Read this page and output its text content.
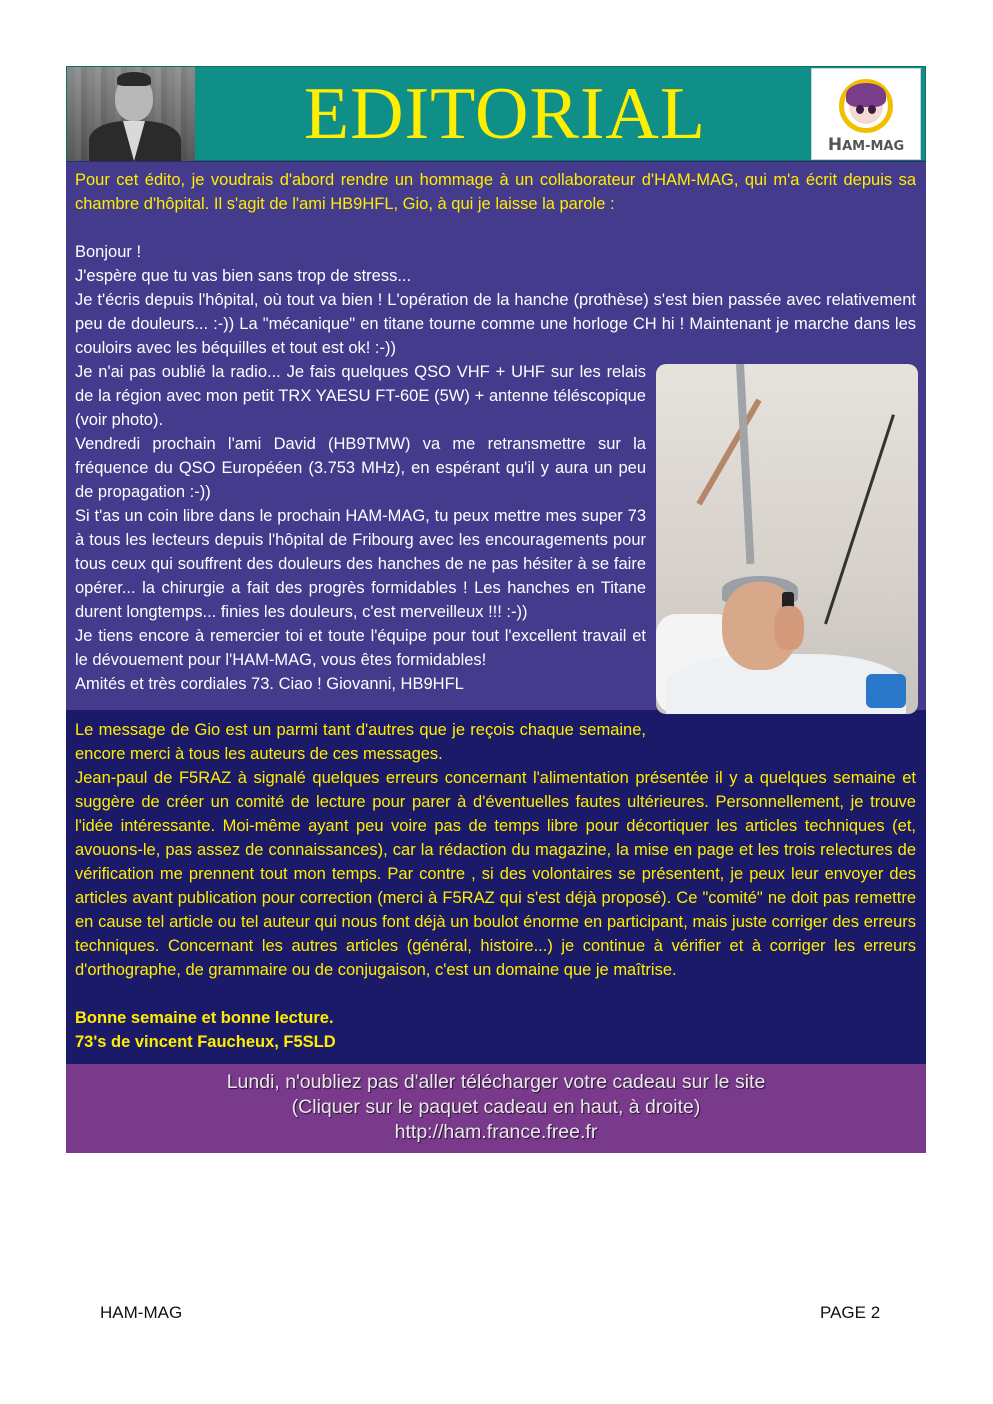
EDITORIAL	HAM-MAG

Pour cet édito, je voudrais d'abord rendre un hommage à un collaborateur d'HAM-MAG, qui m'a écrit depuis sa chambre d'hôpital. Il s'agit de l'ami HB9HFL, Gio, à qui je laisse la parole :

Bonjour !

J'espère que tu vas bien sans trop de stress...

Je t'écris depuis l'hôpital, où tout va bien ! L'opération de la hanche (prothèse) s'est bien passée avec relativement peu de douleurs... :-)) La "mécanique" en titane tourne comme une horloge CH hi ! Maintenant je marche dans les couloirs avec les béquilles et tout est ok! :-))

Je n'ai pas oublié la radio... Je fais quelques QSO VHF + UHF sur les relais de la région avec mon petit TRX YAESU FT-60E (5W) + antenne téléscopique (voir photo).

Vendredi prochain l'ami David (HB9TMW) va me retransmettre sur la fréquence du QSO Europééen (3.753 MHz), en espérant qu'il y aura un peu de propagation :-))

Si t'as un coin libre dans le prochain HAM-MAG, tu peux mettre mes super 73 à tous les lecteurs depuis l'hôpital de Fribourg avec les encouragements pour tous ceux qui souffrent des douleurs des hanches de ne pas hésiter à se faire opérer... la chirurgie a fait des progrès formidables ! Les hanches en Titane durent longtemps... finies les douleurs, c'est merveilleux !!! :-))

Je tiens encore à remercier toi et toute l'équipe pour tout l'excellent travail et le dévouement pour l'HAM-MAG, vous êtes formidables!

Amités et très cordiales 73. Ciao ! Giovanni, HB9HFL

Le message de Gio est un parmi tant d'autres que je reçois chaque semaine, encore merci à tous les auteurs de ces messages.

Jean-paul de F5RAZ à signalé quelques erreurs concernant l'alimentation présentée il y a quelques semaine et suggère de créer un comité de lecture pour parer à d'éventuelles fautes ultérieures. Personnellement, je trouve l'idée intéressante. Moi-même ayant peu voire pas de temps libre pour décortiquer les articles techniques (et, avouons-le, pas assez de connaissances), car la rédaction du magazine, la mise en page et les trois relectures de vérification me prennent tout mon temps. Par contre , si des volontaires se présentent, je peux leur envoyer des articles avant publication pour correction (merci à F5RAZ qui s'est déjà proposé). Ce "comité" ne doit pas remettre en cause tel article ou tel auteur qui nous font déjà un boulot énorme en participant, mais juste corriger des erreurs techniques. Concernant les autres articles (général, histoire...) je continue à vérifier et à corriger les erreurs d'orthographe, de grammaire ou de conjugaison, c'est un domaine que je maîtrise.

Bonne semaine et bonne lecture.

73's de vincent Faucheux, F5SLD

Lundi, n'oubliez pas d'aller télécharger votre cadeau sur le site

(Cliquer sur le paquet cadeau en haut, à droite)

http://ham.france.free.fr

HAM-MAG	PAGE 2
